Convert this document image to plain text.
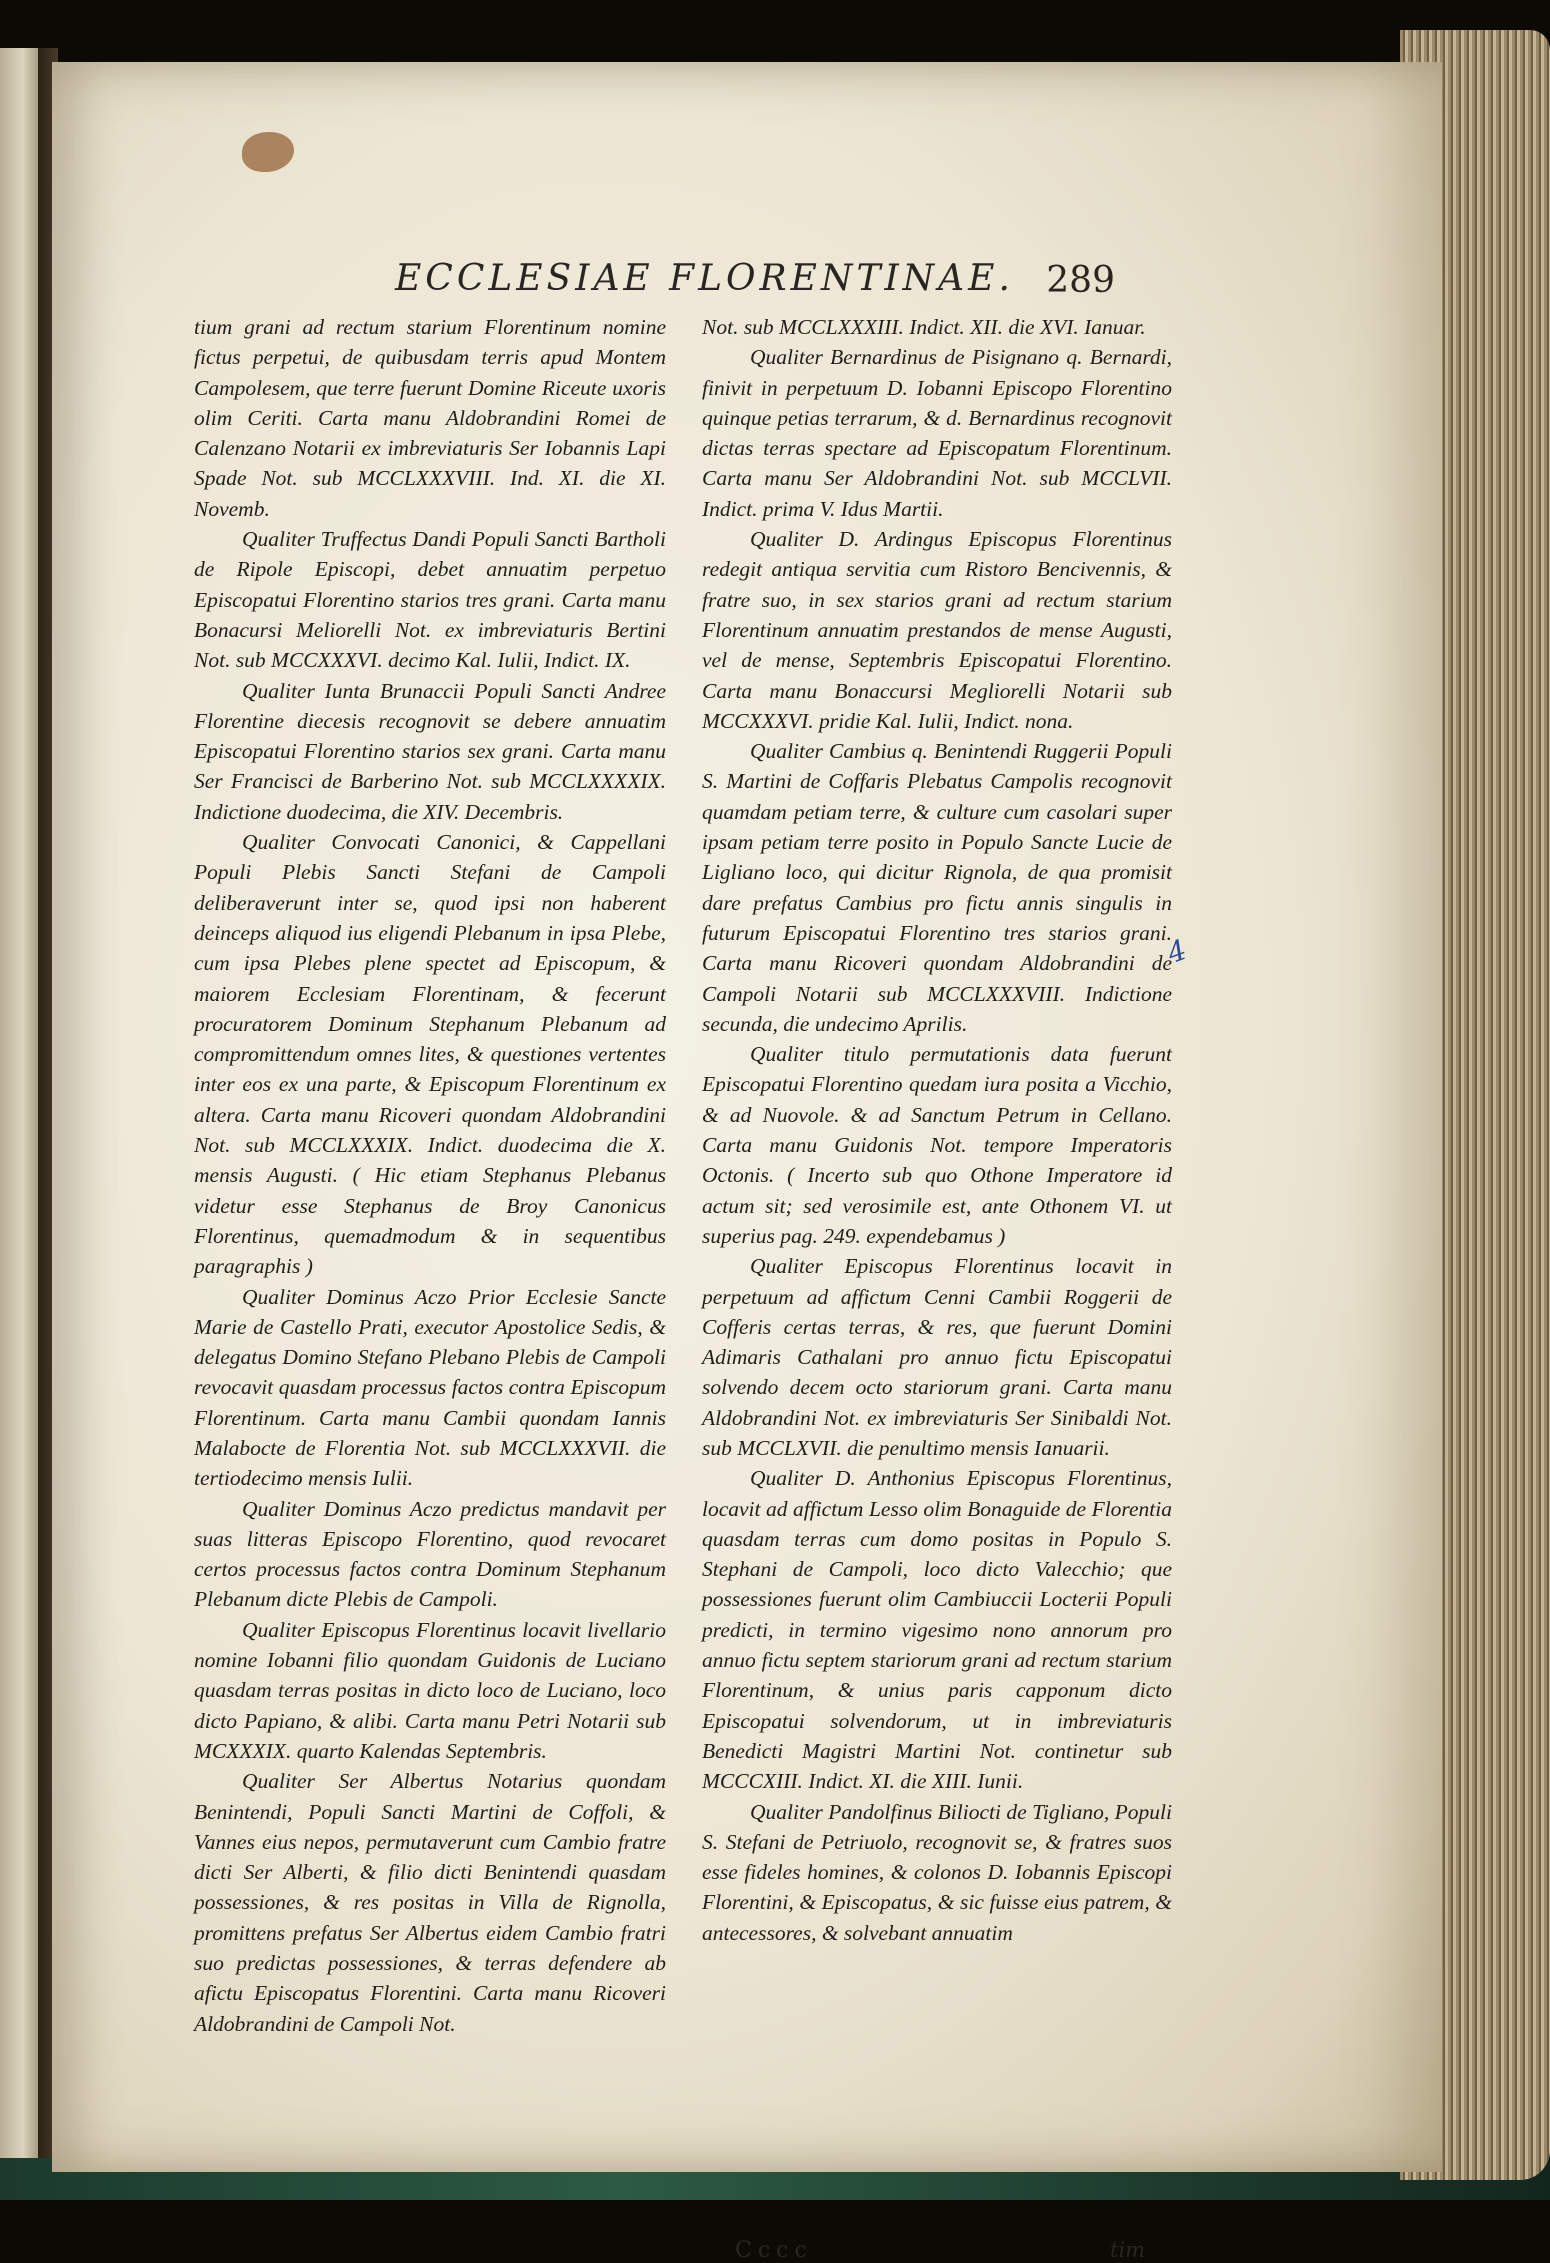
ECCLESIAE FLORENTINAE. 289

tium grani ad rectum starium Florentinum nomine fictus perpetui, de quibusdam terris apud Montem Campolesem, que terre fuerunt Domine Riceute uxoris olim Ceriti. Carta manu Aldobrandini Romei de Calenzano Notarii ex imbreviaturis Ser Iobannis Lapi Spade Not. sub MCCLXXXVIII. Ind. XI. die XI. Novemb.

Qualiter Truffectus Dandi Populi Sancti Bartholi de Ripole Episcopi, debet annuatim perpetuo Episcopatui Florentino starios tres grani. Carta manu Bonacursi Meliorelli Not. ex imbreviaturis Bertini Not. sub MCCXXXVI. decimo Kal. Iulii, Indict. IX.

Qualiter Iunta Brunaccii Populi Sancti Andree Florentine diecesis recognovit se debere annuatim Episcopatui Florentino starios sex grani. Carta manu Ser Francisci de Barberino Not. sub MCCLXXXXIX. Indictione duodecima, die XIV. Decembris.

Qualiter Convocati Canonici, & Cappellani Populi Plebis Sancti Stefani de Campoli deliberaverunt inter se, quod ipsi non haberent deinceps aliquod ius eligendi Plebanum in ipsa Plebe, cum ipsa Plebes plene spectet ad Episcopum, & maiorem Ecclesiam Florentinam, & fecerunt procuratorem Dominum Stephanum Plebanum ad compromittendum omnes lites, & questiones vertentes inter eos ex una parte, & Episcopum Florentinum ex altera. Carta manu Ricoveri quondam Aldobrandini Not. sub MCCLXXXIX. Indict. duodecima die X. mensis Augusti. ( Hic etiam Stephanus Plebanus videtur esse Stephanus de Broy Canonicus Florentinus, quemadmodum & in sequentibus paragraphis )

Qualiter Dominus Aczo Prior Ecclesie Sancte Marie de Castello Prati, executor Apostolice Sedis, & delegatus Domino Stefano Plebano Plebis de Campoli revocavit quasdam processus factos contra Episcopum Florentinum. Carta manu Cambii quondam Iannis Malabocte de Florentia Not. sub MCCLXXXVII. die tertiodecimo mensis Iulii.

Qualiter Dominus Aczo predictus mandavit per suas litteras Episcopo Florentino, quod revocaret certos processus factos contra Dominum Stephanum Plebanum dicte Plebis de Campoli.

Qualiter Episcopus Florentinus locavit livellario nomine Iobanni filio quondam Guidonis de Luciano quasdam terras positas in dicto loco de Luciano, loco dicto Papiano, & alibi. Carta manu Petri Notarii sub MCXXXIX. quarto Kalendas Septembris.

Qualiter Ser Albertus Notarius quondam Benintendi, Populi Sancti Martini de Coffoli, & Vannes eius nepos, permutaverunt cum Cambio fratre dicti Ser Alberti, & filio dicti Benintendi quasdam possessiones, & res positas in Villa de Rignolla, promittens prefatus Ser Albertus eidem Cambio fratri suo predictas possessiones, & terras defendere ab afictu Episcopatus Florentini. Carta manu Ricoveri Aldobrandini de Campoli Not.

Not. sub MCCLXXXIII. Indict. XII. die XVI. Ianuar.

Qualiter Bernardinus de Pisignano q. Bernardi, finivit in perpetuum D. Iobanni Episcopo Florentino quinque petias terrarum, & d. Bernardinus recognovit dictas terras spectare ad Episcopatum Florentinum. Carta manu Ser Aldobrandini Not. sub MCCLVII. Indict. prima V. Idus Martii.

Qualiter D. Ardingus Episcopus Florentinus redegit antiqua servitia cum Ristoro Bencivennis, & fratre suo, in sex starios grani ad rectum starium Florentinum annuatim prestandos de mense Augusti, vel de mense, Septembris Episcopatui Florentino. Carta manu Bonaccursi Megliorelli Notarii sub MCCXXXVI. pridie Kal. Iulii, Indict. nona.

Qualiter Cambius q. Benintendi Ruggerii Populi S. Martini de Coffaris Plebatus Campolis recognovit quamdam petiam terre, & culture cum casolari super ipsam petiam terre posito in Populo Sancte Lucie de Ligliano loco, qui dicitur Rignola, de qua promisit dare prefatus Cambius pro fictu annis singulis in futurum Episcopatui Florentino tres starios grani. Carta manu Ricoveri quondam Aldobrandini de Campoli Notarii sub MCCLXXXVIII. Indictione secunda, die undecimo Aprilis.

Qualiter titulo permutationis data fuerunt Episcopatui Florentino quedam iura posita a Vicchio, & ad Nuovole. & ad Sanctum Petrum in Cellano. Carta manu Guidonis Not. tempore Imperatoris Octonis. ( Incerto sub quo Othone Imperatore id actum sit; sed verosimile est, ante Othonem VI. ut superius pag. 249. expendebamus )

Qualiter Episcopus Florentinus locavit in perpetuum ad affictum Cenni Cambii Roggerii de Cofferis certas terras, & res, que fuerunt Domini Adimaris Cathalani pro annuo fictu Episcopatui solvendo decem octo stariorum grani. Carta manu Aldobrandini Not. ex imbreviaturis Ser Sinibaldi Not. sub MCCLXVII. die penultimo mensis Ianuarii.

Qualiter D. Anthonius Episcopus Florentinus, locavit ad affictum Lesso olim Bonaguide de Florentia quasdam terras cum domo positas in Populo S. Stephani de Campoli, loco dicto Valecchio; que possessiones fuerunt olim Cambiuccii Locterii Populi predicti, in termino vigesimo nono annorum pro annuo fictu septem stariorum grani ad rectum starium Florentinum, & unius paris capponum dicto Episcopatui solvendorum, ut in imbreviaturis Benedicti Magistri Martini Not. continetur sub MCCCXIII. Indict. XI. die XIII. Iunii.

Qualiter Pandolfinus Biliocti de Tigliano, Populi S. Stefani de Petriuolo, recognovit se, & fratres suos esse fideles homines, & colonos D. Iobannis Episcopi Florentini, & Episcopatus, & sic fuisse eius patrem, & antecessores, & solvebant annuatim

4
Cccc	tim
